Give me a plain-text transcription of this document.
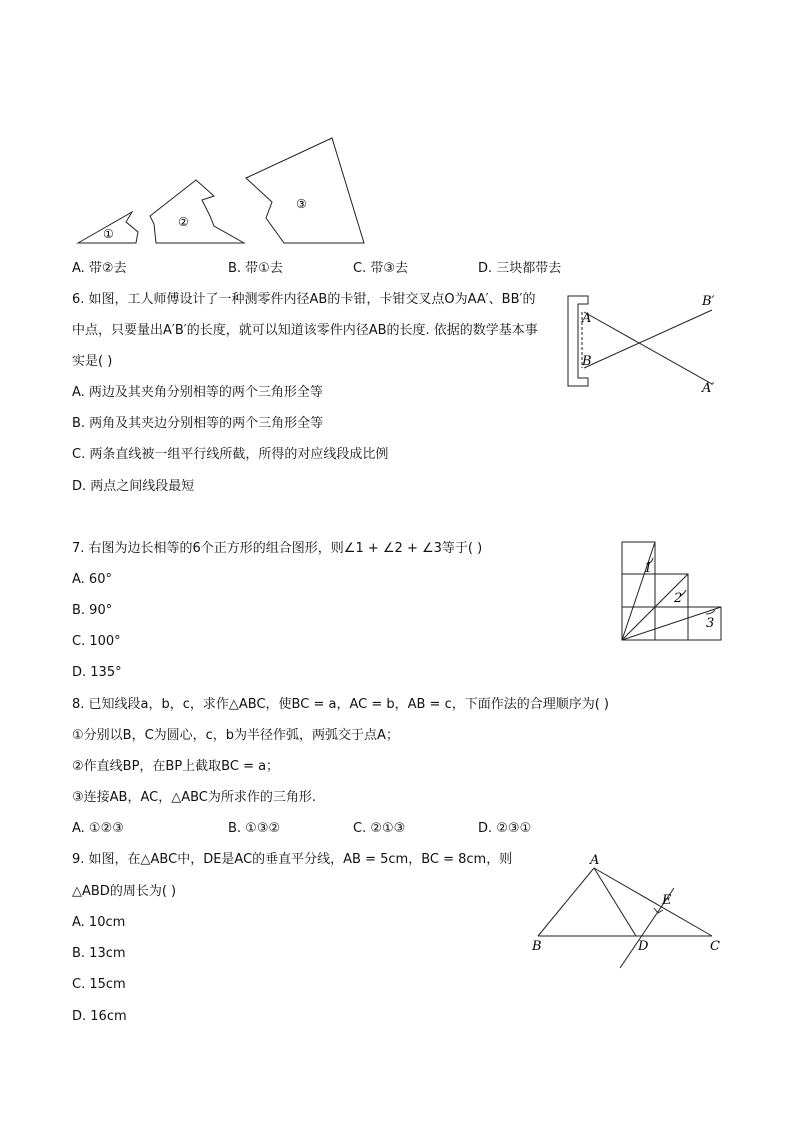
①
②
③
A. 带②去	B. 带①去	C. 带③去	D. 三块都带去
6. 如图，工人师傅设计了一种测零件内径AB的卡钳，卡钳交叉点O为AA′、BB′的
中点，只要量出A′B′的长度，就可以知道该零件内径AB的长度. 依据的数学基本事
实是( )
A. 两边及其夹角分别相等的两个三角形全等
B. 两角及其夹边分别相等的两个三角形全等
C. 两条直线被一组平行线所截，所得的对应线段成比例
D. 两点之间线段最短
A
B
B′
A′
7. 右图为边长相等的6个正方形的组合图形，则∠1 + ∠2 + ∠3等于( )
A. 60°
B. 90°
C. 100°
D. 135°
1
2
3
8. 已知线段a，b，c，求作△ABC，使BC = a，AC = b，AB = c，下面作法的合理顺序为( )
①分别以B，C为圆心，c，b为半径作弧，两弧交于点A；
②作直线BP，在BP上截取BC = a；
③连接AB，AC，△ABC为所求作的三角形.
A. ①②③	B. ①③②	C. ②①③	D. ②③①
9. 如图，在△ABC中，DE是AC的垂直平分线，AB = 5cm，BC = 8cm，则
△ABD的周长为( )
A. 10cm
B. 13cm
C. 15cm
D. 16cm
A
B	C
D
E
